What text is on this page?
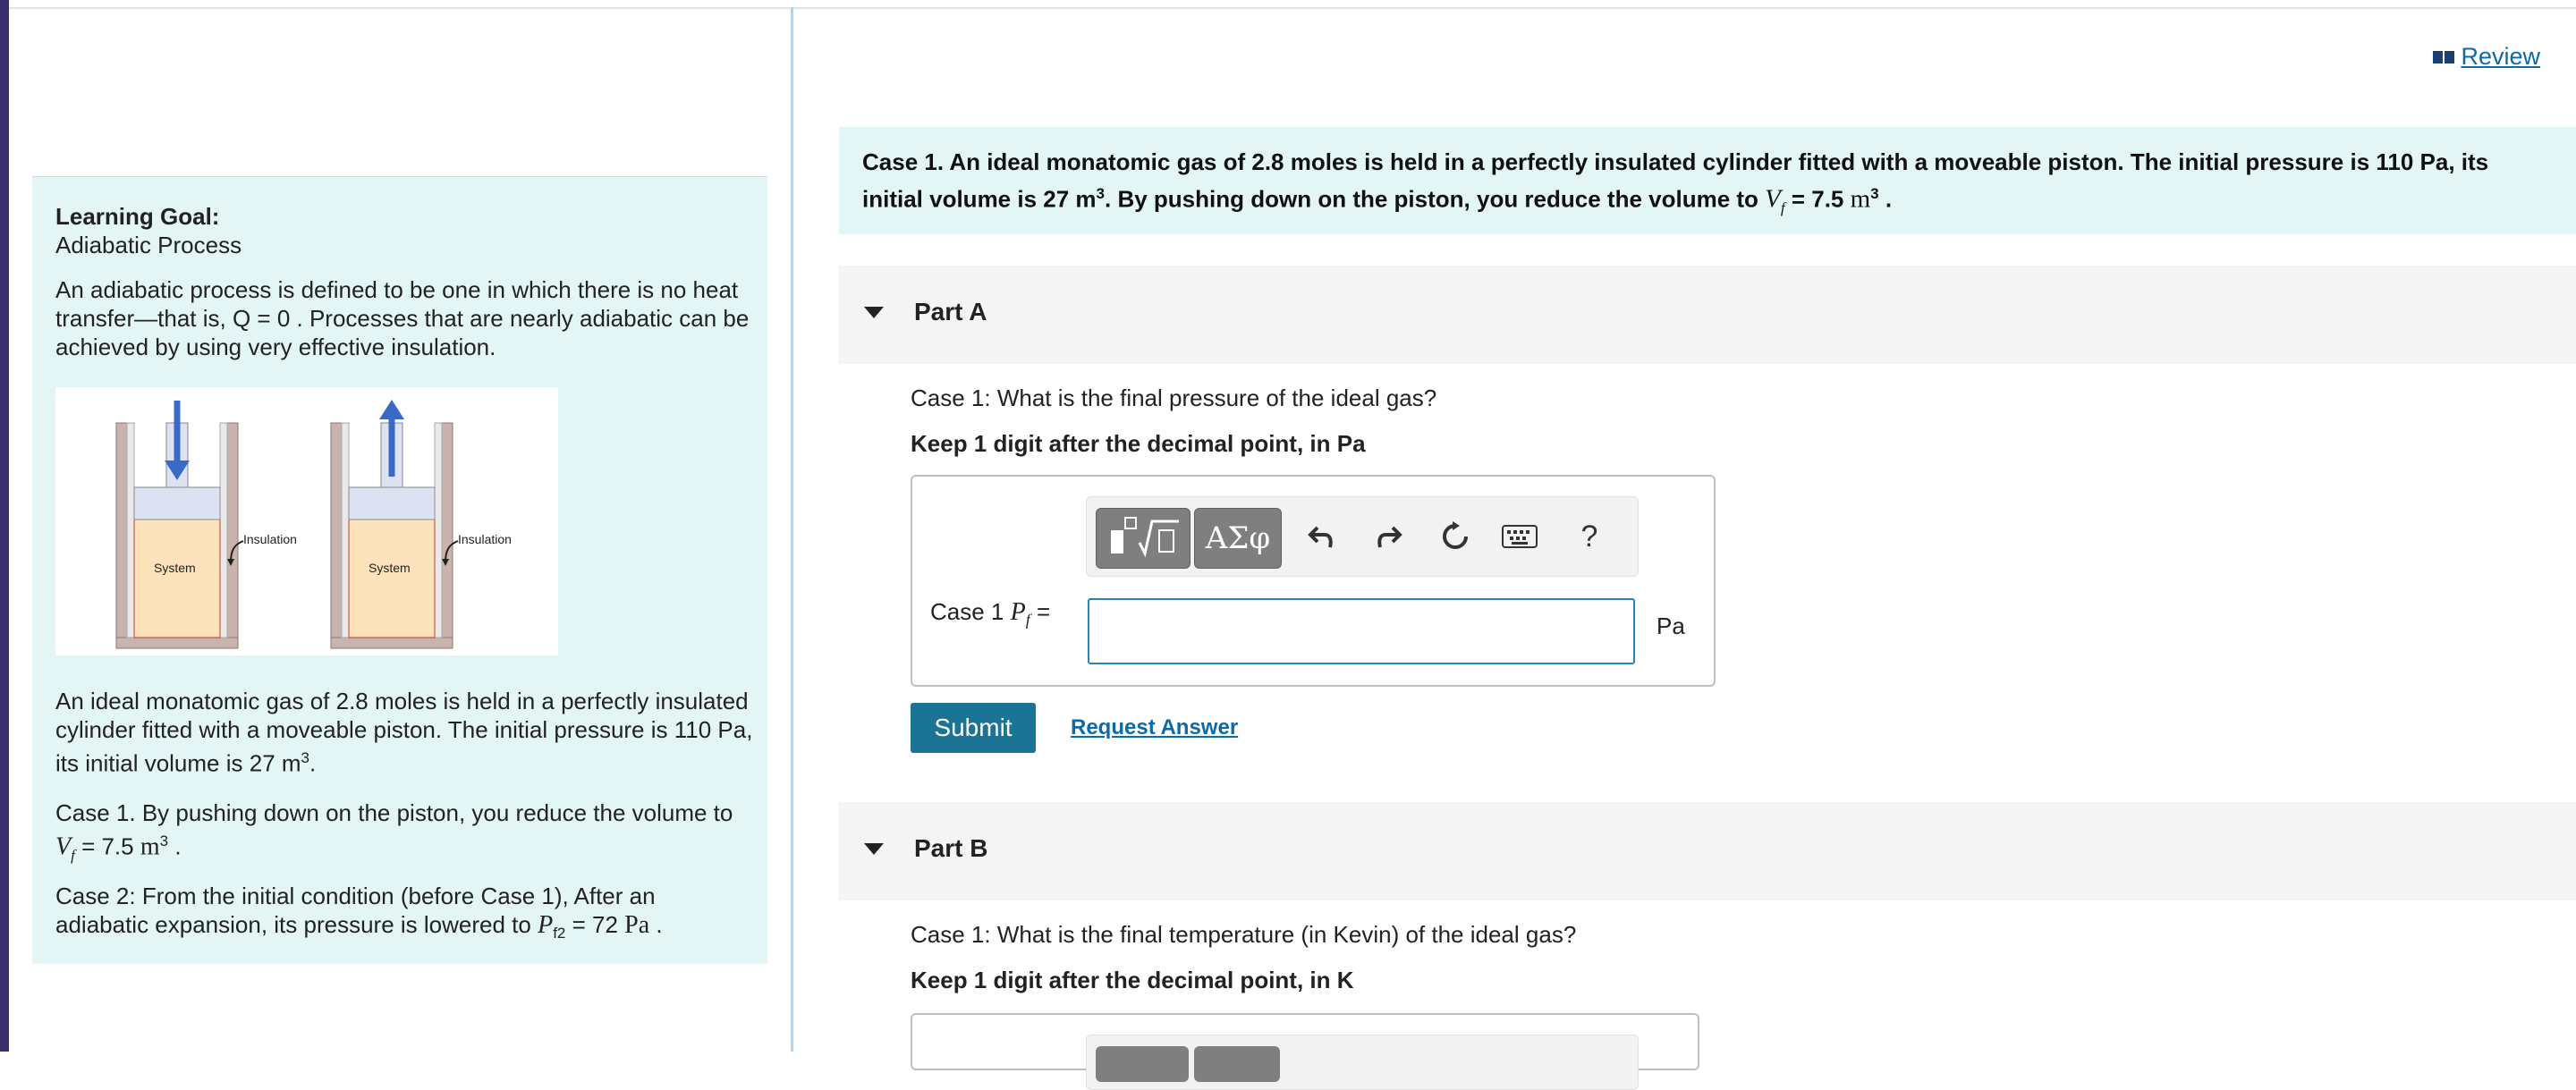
Learning Goal:
Adiabatic Process
An adiabatic process is defined to be one in which there is no heat transfer—that is, Q = 0 . Processes that are nearly adiabatic can be achieved by using very effective insulation.
System
Insulation
System
Insulation
An ideal monatomic gas of 2.8 moles is held in a perfectly insulated cylinder fitted with a moveable piston. The initial pressure is 110 Pa, its initial volume is 27 $m^3$.
Case 1. By pushing down on the piston, you reduce the volume to $V_f = 7.5$ $m^3$ .
Case 2: From the initial condition (before Case 1), After an adiabatic expansion, its pressure is lowered to $P_{f2} = 72$ Pa .
Review
Case 1. An ideal monatomic gas of 2.8 moles is held in a perfectly insulated cylinder fitted with a moveable piston. The initial pressure is 110 Pa, its initial volume is 27 $m^3$. By pushing down on the piston, you reduce the volume to $V_f = 7.5$ $m^3$ .
Part A
Case 1: What is the final pressure of the ideal gas?
Keep 1 digit after the decimal point, in Pa
ΑΣφ	?
Case 1 $P_f$ =
Pa
Submit	Request Answer
Part B
Case 1: What is the final temperature (in Kevin) of the ideal gas?
Keep 1 digit after the decimal point, in K
